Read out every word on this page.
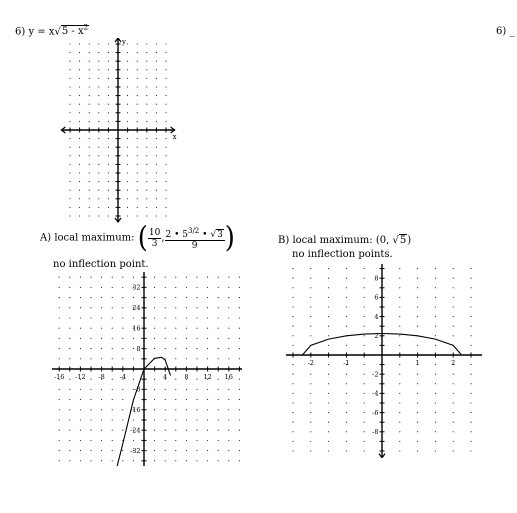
6) $y = x√5 - x^2$	6) _
y
x
A) local maximum: ( $\frac{10}{3}$ , $\frac{2 • 5^{3/2} • √3}{9}$ )
no inflection point.
-16 -12 -8 -4	4	8 12 16
32
24
16
8
-8
-16
-24
-32
B) local maximum: (0, √5)
no inflection points.
-2	-1	1	2
8
6
4
2
-2
-4
-6
-8
